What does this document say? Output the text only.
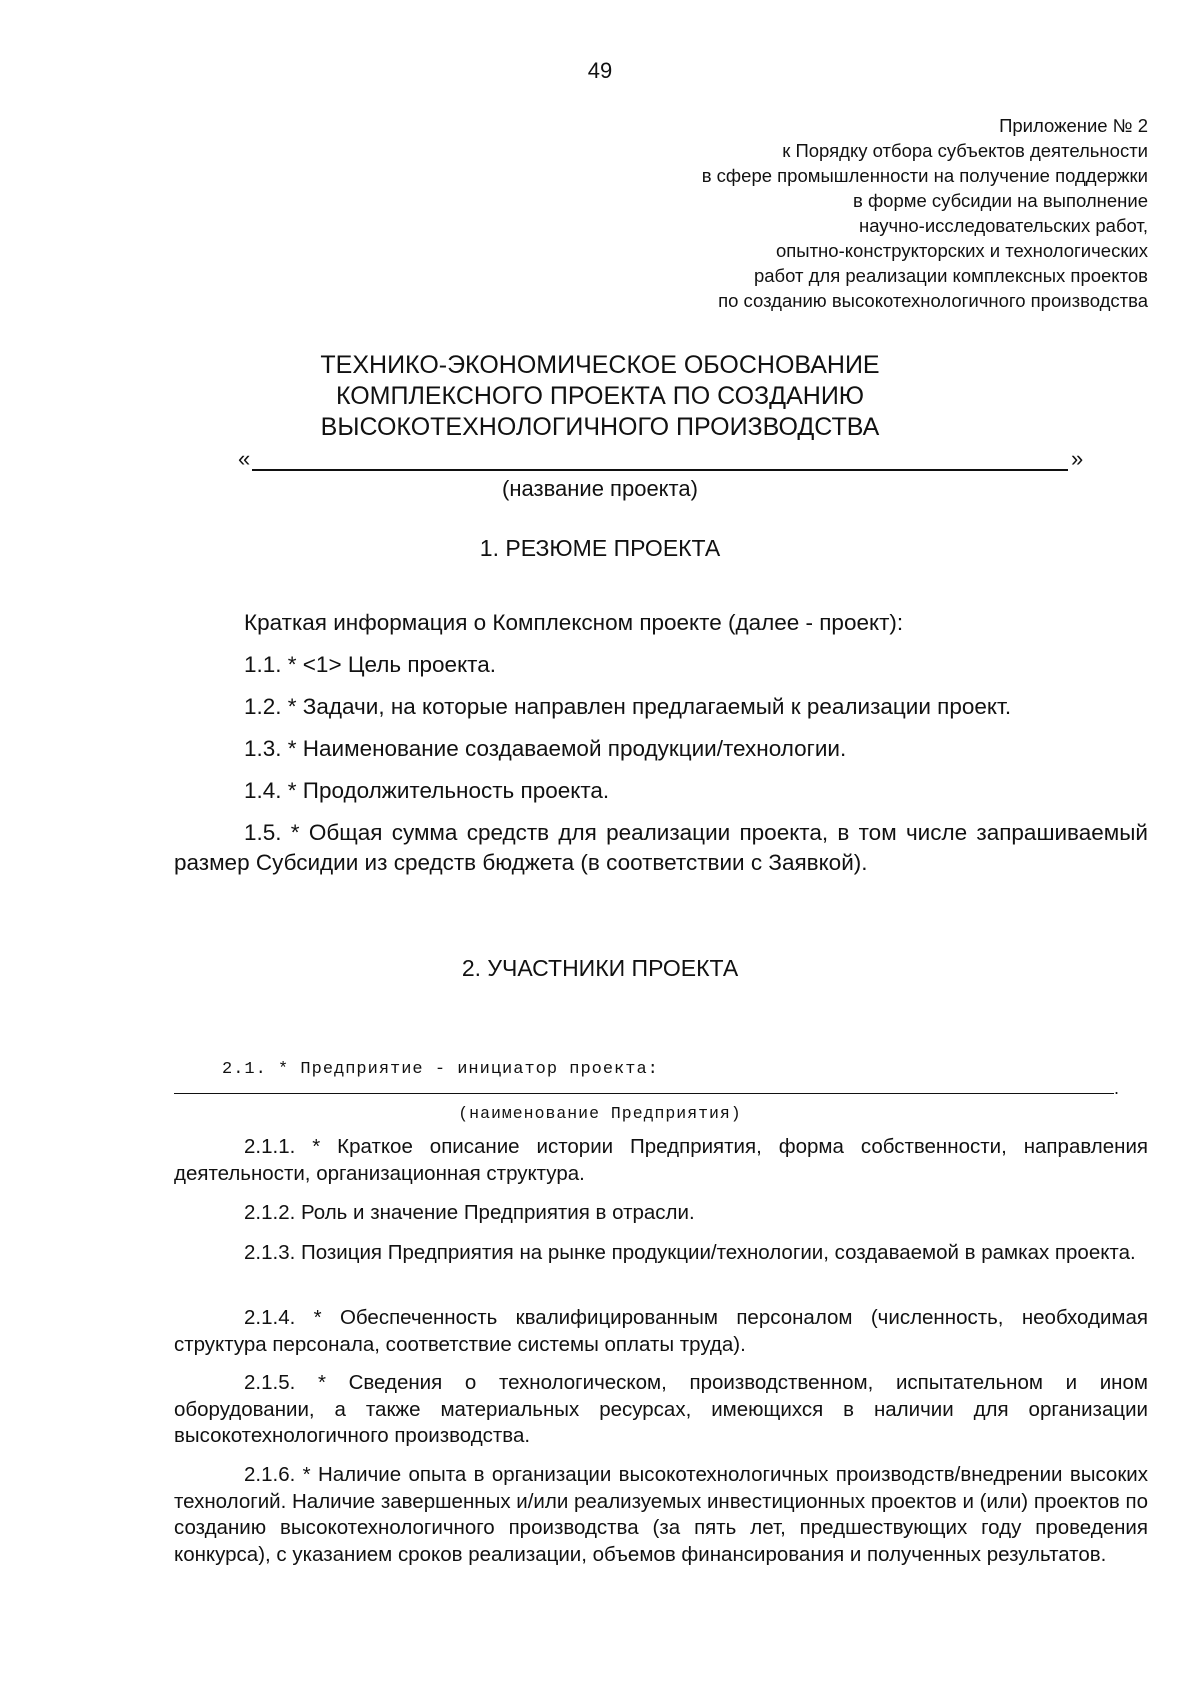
49
Приложение № 2
к Порядку отбора субъектов деятельности
в сфере промышленности на получение поддержки
в форме субсидии на выполнение
научно-исследовательских работ,
опытно-конструкторских и технологических
работ для реализации комплексных проектов
по созданию высокотехнологичного производства
ТЕХНИКО-ЭКОНОМИЧЕСКОЕ ОБОСНОВАНИЕ
КОМПЛЕКСНОГО ПРОЕКТА ПО СОЗДАНИЮ
ВЫСОКОТЕХНОЛОГИЧНОГО ПРОИЗВОДСТВА
«	»
(название проекта)
1. РЕЗЮМЕ ПРОЕКТА
Краткая информация о Комплексном проекте (далее - проект):
1.1. * <1> Цель проекта.
1.2. * Задачи, на которые направлен предлагаемый к реализации проект.
1.3. * Наименование создаваемой продукции/технологии.
1.4. * Продолжительность проекта.
1.5. * Общая сумма средств для реализации проекта, в том числе запрашиваемый размер Субсидии из средств бюджета (в соответствии с Заявкой).
2. УЧАСТНИКИ ПРОЕКТА
2.1. * Предприятие - инициатор проекта:
.
(наименование Предприятия)
2.1.1. * Краткое описание истории Предприятия, форма собственности, направления деятельности, организационная структура.
2.1.2. Роль и значение Предприятия в отрасли.
2.1.3. Позиция Предприятия на рынке продукции/технологии, создаваемой в рамках проекта.
2.1.4. * Обеспеченность квалифицированным персоналом (численность, необходимая структура персонала, соответствие системы оплаты труда).
2.1.5. * Сведения о технологическом, производственном, испытательном и ином оборудовании, а также материальных ресурсах, имеющихся в наличии для организации высокотехнологичного производства.
2.1.6. * Наличие опыта в организации высокотехнологичных производств/внедрении высоких технологий. Наличие завершенных и/или реализуемых инвестиционных проектов и (или) проектов по созданию высокотехнологичного производства (за пять лет, предшествующих году проведения конкурса), с указанием сроков реализации, объемов финансирования и полученных результатов.
